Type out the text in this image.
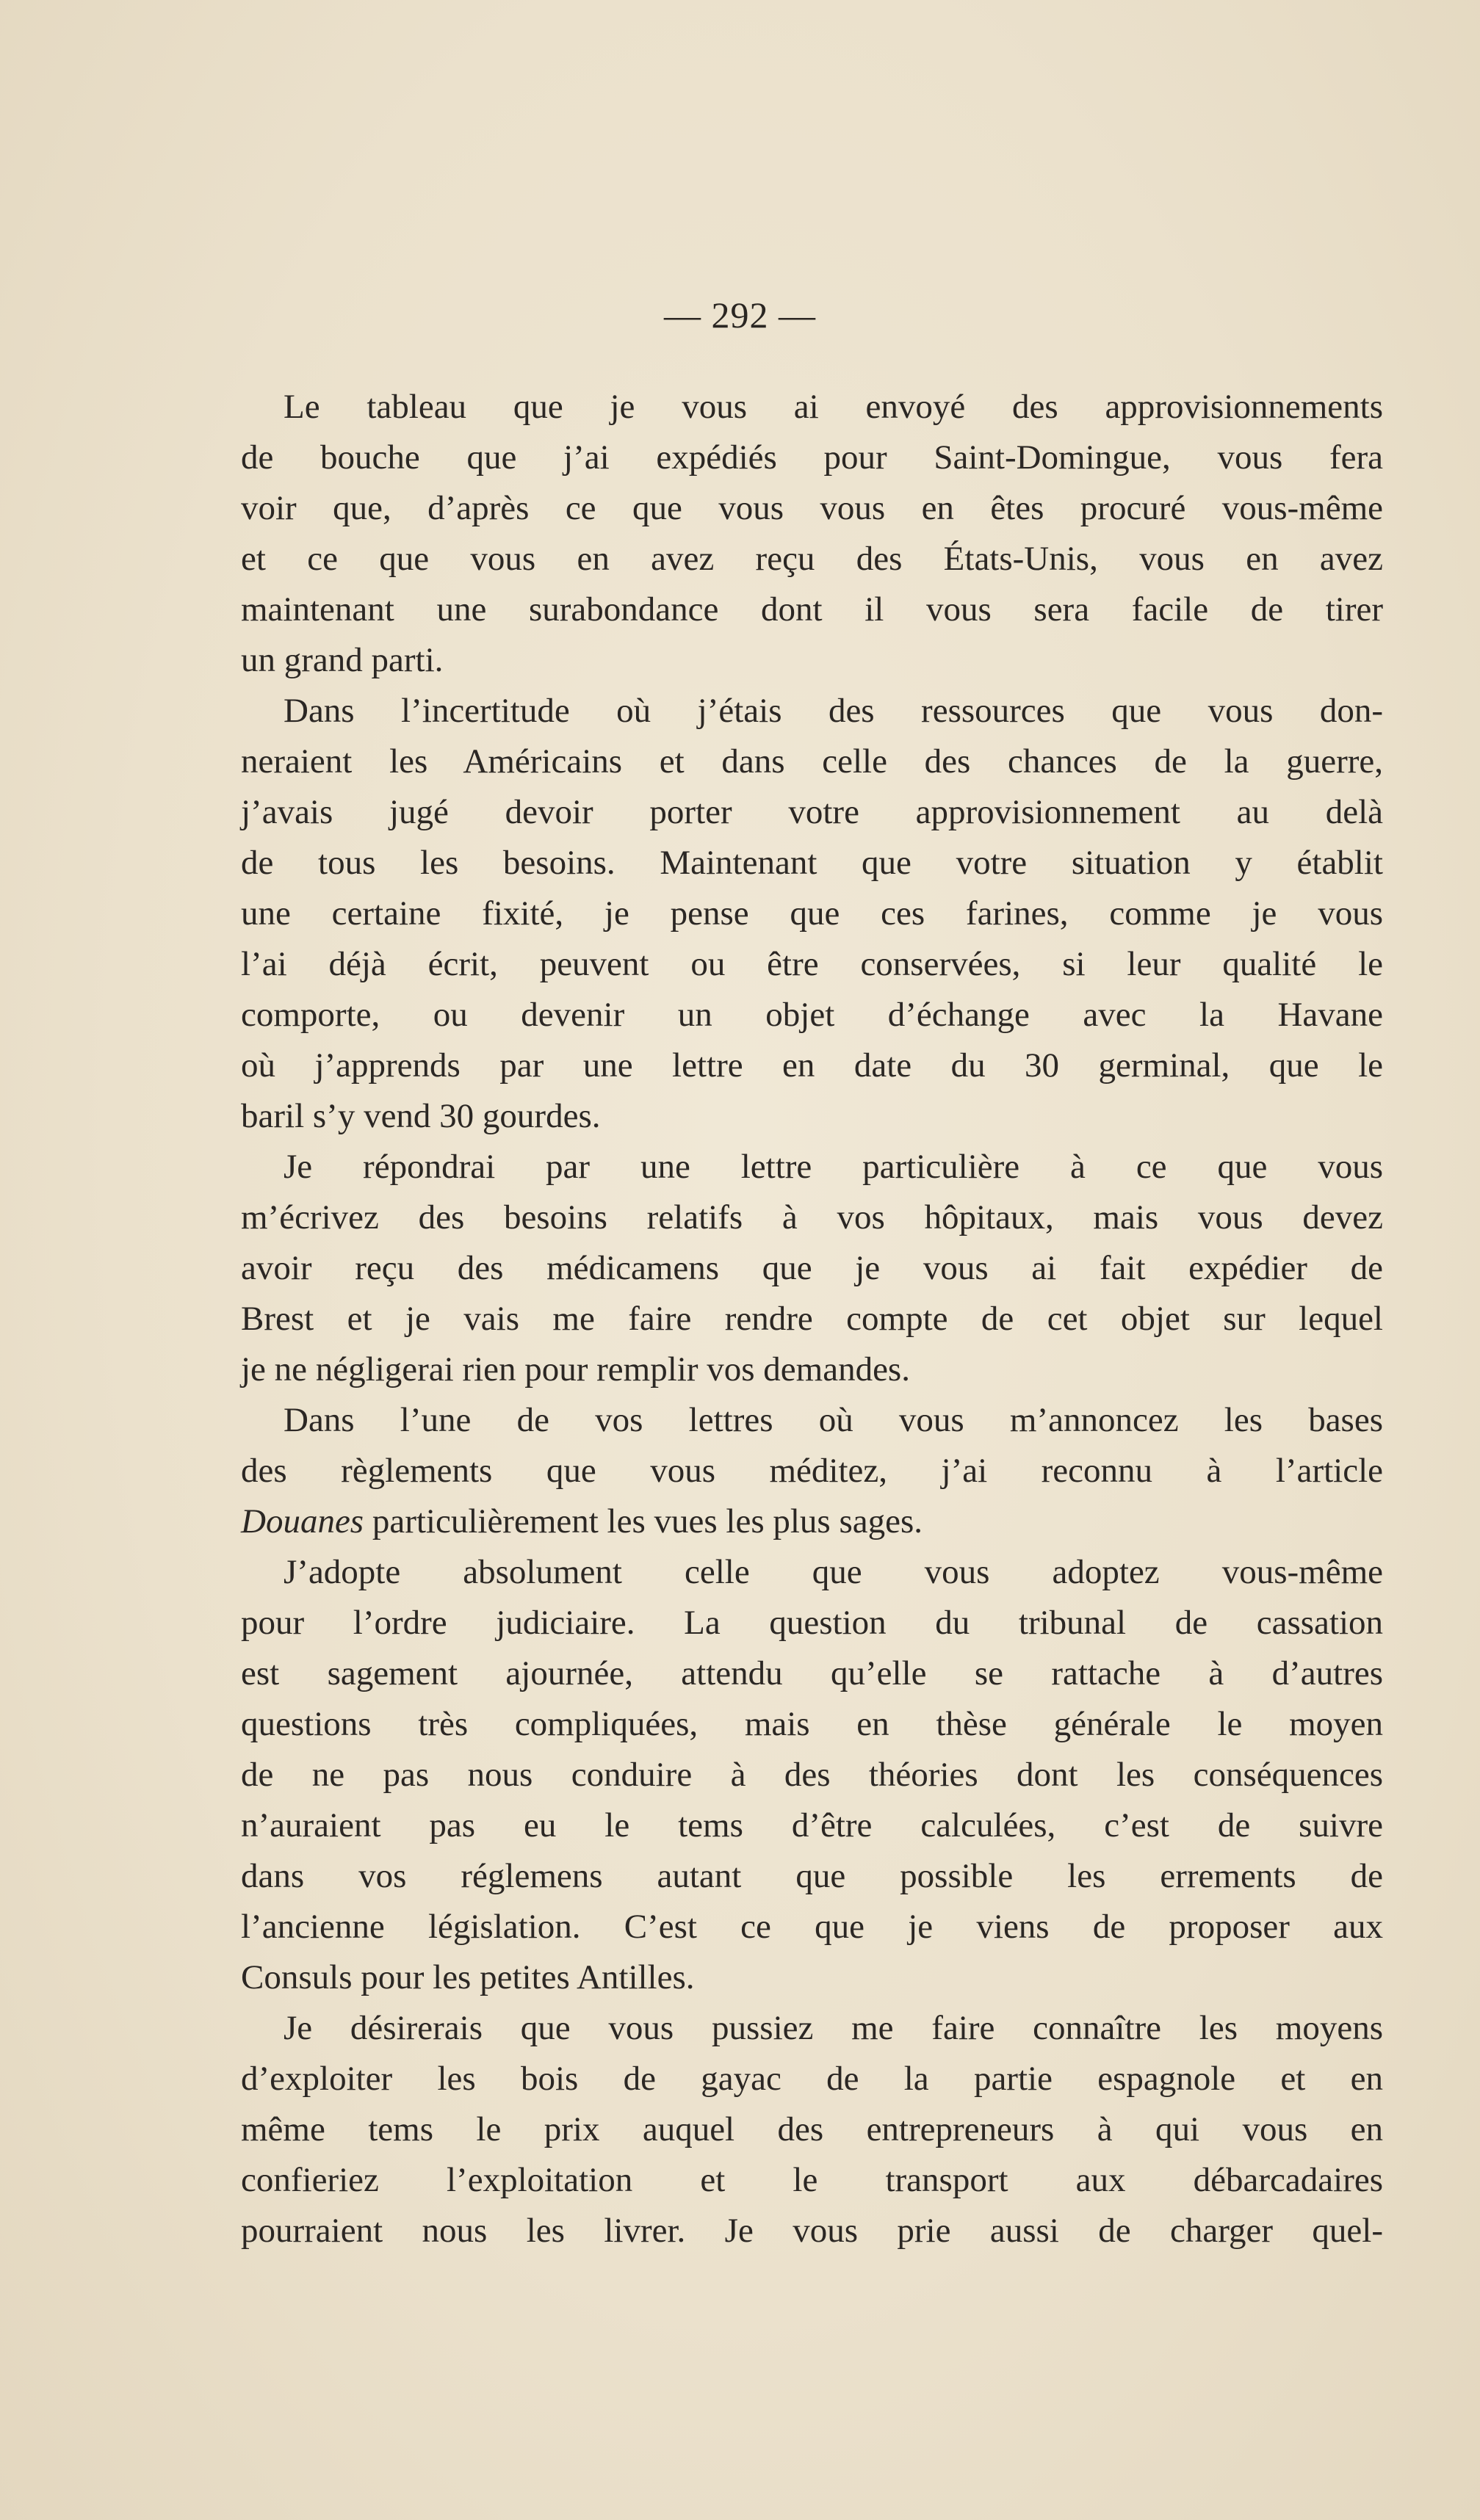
— 292 —
Le tableau que je vous ai envoyé des approvisionnements
de bouche que j’ai expédiés pour Saint-Domingue, vous fera
voir que, d’après ce que vous vous en êtes procuré vous-même
et ce que vous en avez reçu des États-Unis, vous en avez
maintenant une surabondance dont il vous sera facile de tirer
un grand parti.
Dans l’incertitude où j’étais des ressources que vous don-
neraient les Américains et dans celle des chances de la guerre,
j’avais jugé devoir porter votre approvisionnement au delà
de tous les besoins. Maintenant que votre situation y établit
une certaine fixité, je pense que ces farines, comme je vous
l’ai déjà écrit, peuvent ou être conservées, si leur qualité le
comporte, ou devenir un objet d’échange avec la Havane
où j’apprends par une lettre en date du 30 germinal, que le
baril s’y vend 30 gourdes.
Je répondrai par une lettre particulière à ce que vous
m’écrivez des besoins relatifs à vos hôpitaux, mais vous devez
avoir reçu des médicamens que je vous ai fait expédier de
Brest et je vais me faire rendre compte de cet objet sur lequel
je ne négligerai rien pour remplir vos demandes.
Dans l’une de vos lettres où vous m’annoncez les bases
des règlements que vous méditez, j’ai reconnu à l’article
Douanes particulièrement les vues les plus sages.
J’adopte absolument celle que vous adoptez vous-même
pour l’ordre judiciaire. La question du tribunal de cassation
est sagement ajournée, attendu qu’elle se rattache à d’autres
questions très compliquées, mais en thèse générale le moyen
de ne pas nous conduire à des théories dont les conséquences
n’auraient pas eu le tems d’être calculées, c’est de suivre
dans vos réglemens autant que possible les errements de
l’ancienne législation. C’est ce que je viens de proposer aux
Consuls pour les petites Antilles.
Je désirerais que vous pussiez me faire connaître les moyens
d’exploiter les bois de gayac de la partie espagnole et en
même tems le prix auquel des entrepreneurs à qui vous en
confieriez l’exploitation et le transport aux débarcadaires
pourraient nous les livrer. Je vous prie aussi de charger quel-
